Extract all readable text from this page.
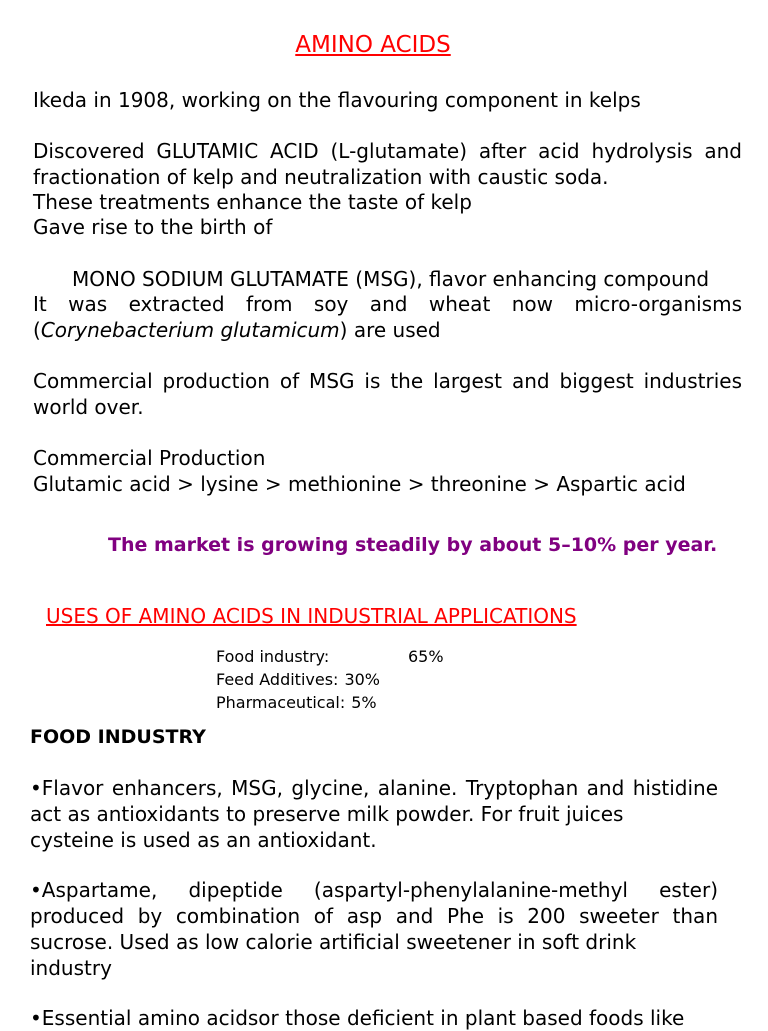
AMINO ACIDS
Ikeda in 1908, working on the flavouring component in kelps
Discovered GLUTAMIC ACID (L-glutamate) after acid hydrolysis and
fractionation of kelp and neutralization with caustic soda.
These treatments enhance the taste of kelp
Gave rise to the birth of
MONO SODIUM GLUTAMATE (MSG), flavor enhancing compound
It was extracted from soy and wheat now micro-organisms
(Corynebacterium glutamicum) are used
Commercial production of MSG is the largest and biggest industries
world over.
Commercial Production
Glutamic acid > lysine > methionine > threonine > Aspartic acid
The market is growing steadily by about 5–10% per year.
USES OF AMINO ACIDS IN INDUSTRIAL APPLICATIONS
Food industry:	65%
Feed Additives: 30%
Pharmaceutical: 5%
FOOD INDUSTRY
•Flavor enhancers, MSG, glycine, alanine. Tryptophan and histidine act as antioxidants to preserve milk powder. For fruit juices
cysteine is used as an antioxidant.
•Aspartame, dipeptide (aspartyl-phenylalanine-methyl ester) produced by combination of asp and Phe is 200 sweeter than sucrose. Used as low calorie artificial sweetener in soft drink
industry
•Essential amino acidsor those deficient in plant based foods like
